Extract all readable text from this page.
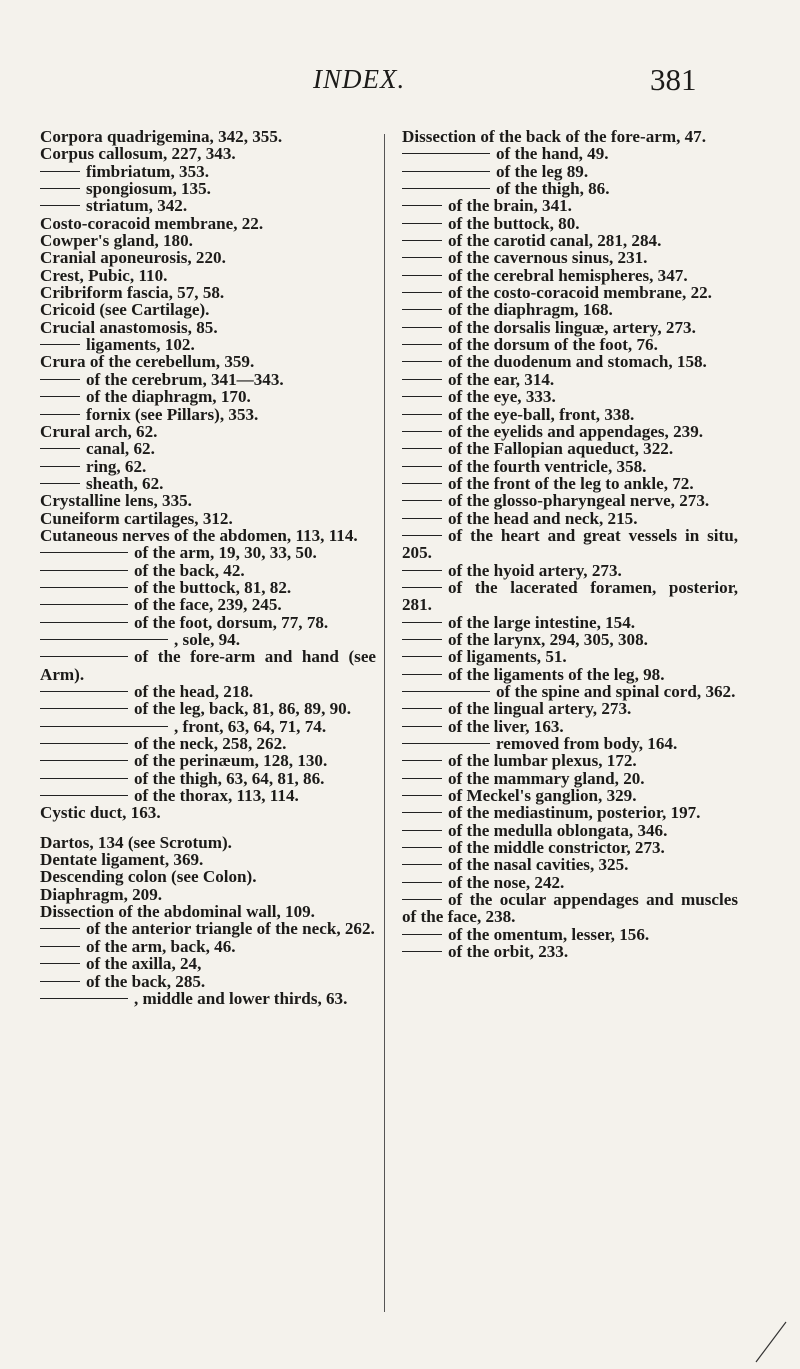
INDEX.	381
Corpora quadrigemina, 342, 355.
Corpus callosum, 227, 343.
fimbriatum, 353.
spongiosum, 135.
striatum, 342.
Costo-coracoid membrane, 22.
Cowper's gland, 180.
Cranial aponeurosis, 220.
Crest, Pubic, 110.
Cribriform fascia, 57, 58.
Cricoid (see Cartilage).
Crucial anastomosis, 85.
ligaments, 102.
Crura of the cerebellum, 359.
of the cerebrum, 341—343.
of the diaphragm, 170.
fornix (see Pillars), 353.
Crural arch, 62.
canal, 62.
ring, 62.
sheath, 62.
Crystalline lens, 335.
Cuneiform cartilages, 312.
Cutaneous nerves of the abdomen, 113, 114.
of the arm, 19, 30, 33, 50.
of the back, 42.
of the buttock, 81, 82.
of the face, 239, 245.
of the foot, dorsum, 77, 78.
, sole, 94.
of the fore-arm and hand (see Arm).
of the head, 218.
of the leg, back, 81, 86, 89, 90.
, front, 63, 64, 71, 74.
of the neck, 258, 262.
of the perinæum, 128, 130.
of the thigh, 63, 64, 81, 86.
of the thorax, 113, 114.
Cystic duct, 163.
Dartos, 134 (see Scrotum).
Dentate ligament, 369.
Descending colon (see Colon).
Diaphragm, 209.
Dissection of the abdominal wall, 109.
of the anterior triangle of the neck, 262.
of the arm, back, 46.
of the axilla, 24,
of the back, 285.
, middle and lower thirds, 63.
Dissection of the back of the fore-arm, 47.
of the hand, 49.
of the leg 89.
of the thigh, 86.
of the brain, 341.
of the buttock, 80.
of the carotid canal, 281, 284.
of the cavernous sinus, 231.
of the cerebral hemispheres, 347.
of the costo-coracoid membrane, 22.
of the diaphragm, 168.
of the dorsalis linguæ, artery, 273.
of the dorsum of the foot, 76.
of the duodenum and stomach, 158.
of the ear, 314.
of the eye, 333.
of the eye-ball, front, 338.
of the eyelids and appendages, 239.
of the Fallopian aqueduct, 322.
of the fourth ventricle, 358.
of the front of the leg to ankle, 72.
of the glosso-pharyngeal nerve, 273.
of the head and neck, 215.
of the heart and great vessels in situ, 205.
of the hyoid artery, 273.
of the lacerated foramen, posterior, 281.
of the large intestine, 154.
of the larynx, 294, 305, 308.
of ligaments, 51.
of the ligaments of the leg, 98.
of the spine and spinal cord, 362.
of the lingual artery, 273.
of the liver, 163.
removed from body, 164.
of the lumbar plexus, 172.
of the mammary gland, 20.
of Meckel's ganglion, 329.
of the mediastinum, posterior, 197.
of the medulla oblongata, 346.
of the middle constrictor, 273.
of the nasal cavities, 325.
of the nose, 242.
of the ocular appendages and muscles of the face, 238.
of the omentum, lesser, 156.
of the orbit, 233.
